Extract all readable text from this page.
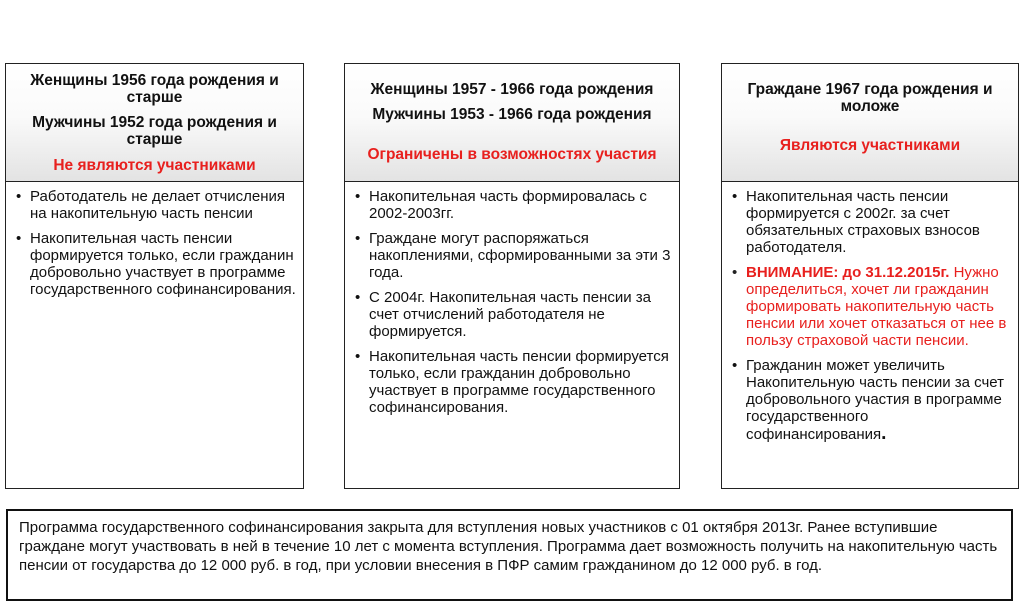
Женщины 1956 года рождения и старше

Мужчины 1952 года рождения и старше

Не являются участниками
• Работодатель не делает отчисления на накопительную часть пенсии
• Накопительная часть пенсии формируется только, если гражданин добровольно участвует в программе государственного софинансирования.

Женщины 1957 - 1966 года рождения

Мужчины 1953 - 1966 года рождения

Ограничены в возможностях участия
• Накопительная часть формировалась с 2002-2003гг.
• Граждане могут распоряжаться накоплениями, сформированными за эти 3 года.
• С 2004г. Накопительная часть пенсии за счет отчислений работодателя не формируется.
• Накопительная часть пенсии формируется только, если гражданин добровольно участвует в программе государственного софинансирования.

Граждане 1967 года рождения и моложе

Являются участниками
• Накопительная часть пенсии формируется с 2002г. за счет обязательных страховых взносов работодателя.
• ВНИМАНИЕ: до 31.12.2015г. Нужно определиться, хочет ли гражданин формировать накопительную часть пенсии или хочет отказаться от нее в пользу страховой части пенсии.
• Гражданин может увеличить Накопительную часть пенсии за счет добровольного участия в программе государственного софинансирования.
Программа государственного софинансирования закрыта для вступления новых участников с 01 октября 2013г. Ранее вступившие граждане могут участвовать в ней в течение 10 лет с момента вступления. Программа дает возможность получить на накопительную часть пенсии от государства до 12 000 руб. в год, при условии внесения в ПФР самим гражданином до 12 000 руб. в год.
